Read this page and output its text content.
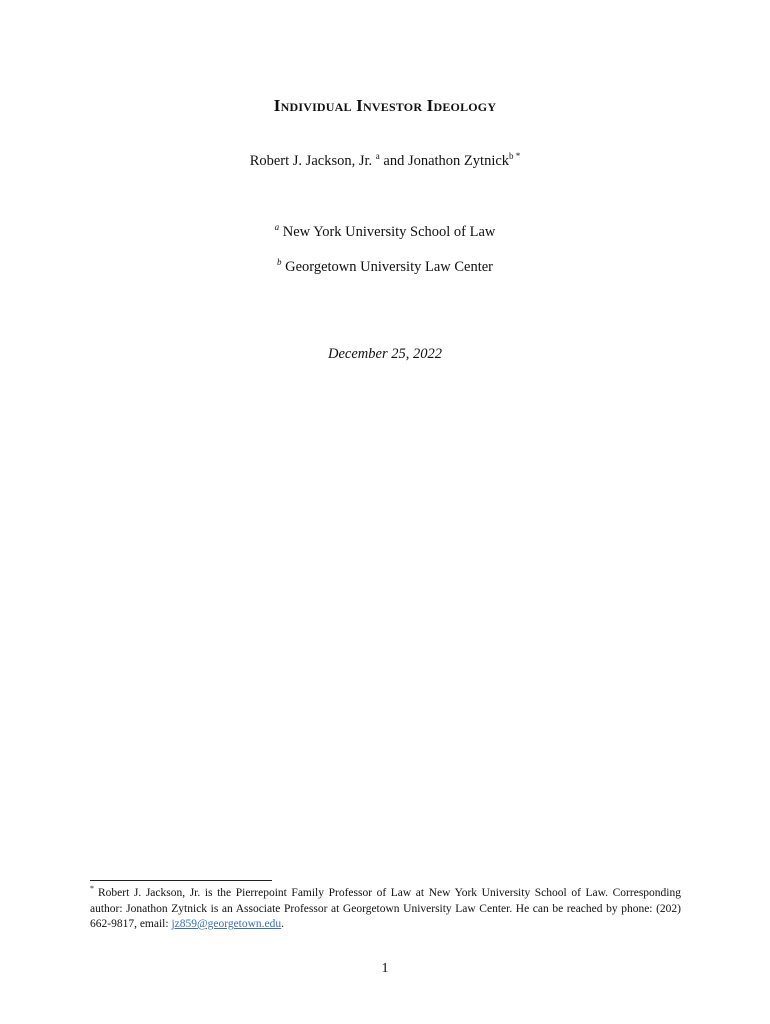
Individual Investor Ideology
Robert J. Jackson, Jr. $^a$ and Jonathon Zytnick$^{b *}$
$^a$ New York University School of Law
$^b$ Georgetown University Law Center
December 25, 2022
* Robert J. Jackson, Jr. is the Pierrepoint Family Professor of Law at New York University School of Law. Corresponding author: Jonathon Zytnick is an Associate Professor at Georgetown University Law Center. He can be reached by phone: (202) 662-9817, email: jz859@georgetown.edu.
1
